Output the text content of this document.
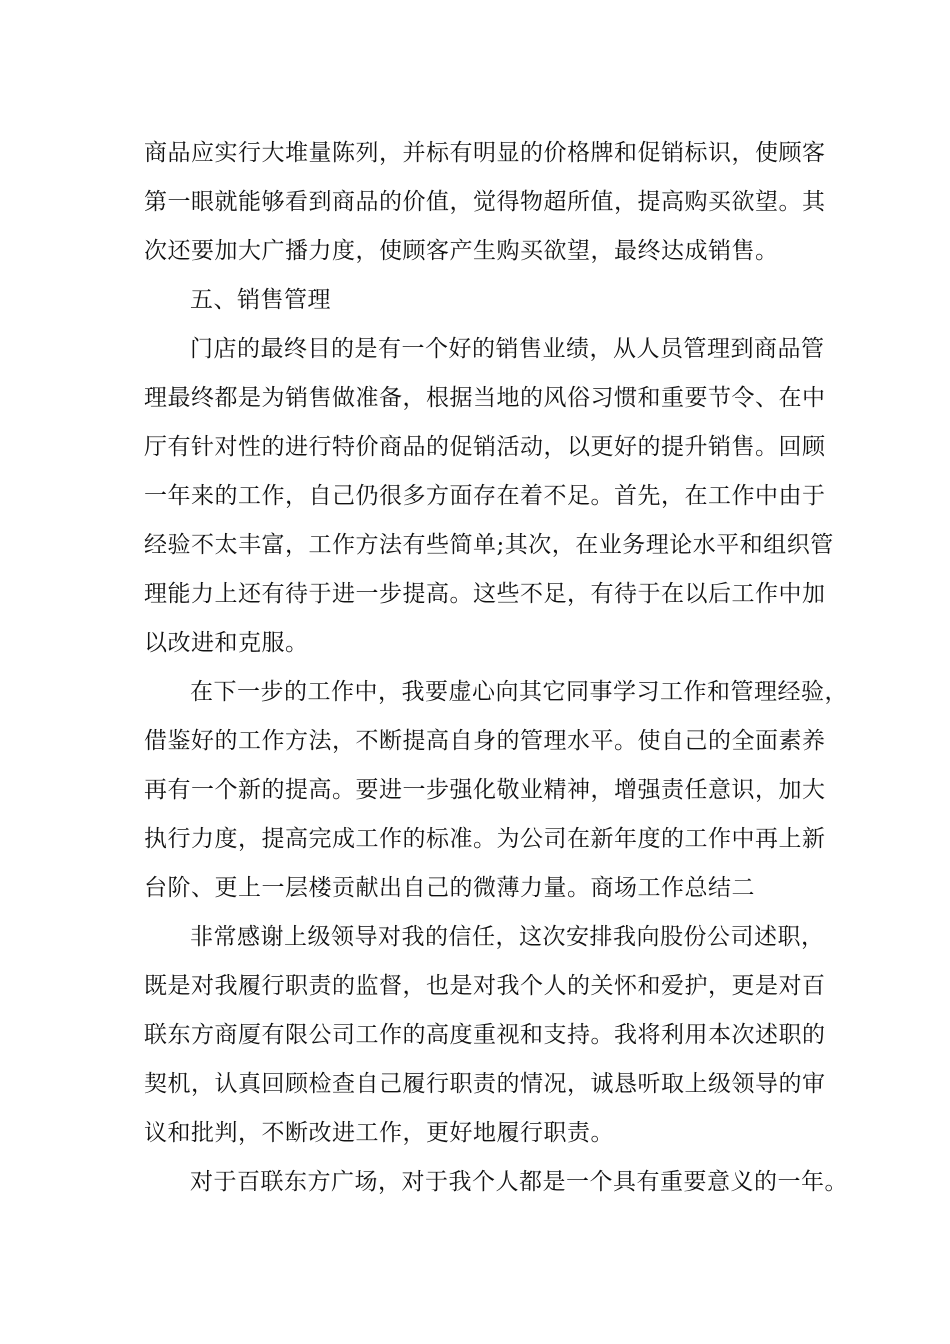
商品应实行大堆量陈列，并标有明显的价格牌和促销标识，使顾客
第一眼就能够看到商品的价值，觉得物超所值，提高购买欲望。其
次还要加大广播力度，使顾客产生购买欲望，最终达成销售。
五、销售管理
门店的最终目的是有一个好的销售业绩，从人员管理到商品管
理最终都是为销售做准备，根据当地的风俗习惯和重要节令、在中
厅有针对性的进行特价商品的促销活动，以更好的提升销售。回顾
一年来的工作，自己仍很多方面存在着不足。首先，在工作中由于
经验不太丰富，工作方法有些简单;其次，在业务理论水平和组织管
理能力上还有待于进一步提高。这些不足，有待于在以后工作中加
以改进和克服。
在下一步的工作中，我要虚心向其它同事学习工作和管理经验，
借鉴好的工作方法，不断提高自身的管理水平。使自己的全面素养
再有一个新的提高。要进一步强化敬业精神，增强责任意识，加大
执行力度，提高完成工作的标准。为公司在新年度的工作中再上新
台阶、更上一层楼贡献出自己的微薄力量。商场工作总结二
非常感谢上级领导对我的信任，这次安排我向股份公司述职，
既是对我履行职责的监督，也是对我个人的关怀和爱护，更是对百
联东方商厦有限公司工作的高度重视和支持。我将利用本次述职的
契机，认真回顾检查自己履行职责的情况，诚恳听取上级领导的审
议和批判，不断改进工作，更好地履行职责。
对于百联东方广场，对于我个人都是一个具有重要意义的一年。
